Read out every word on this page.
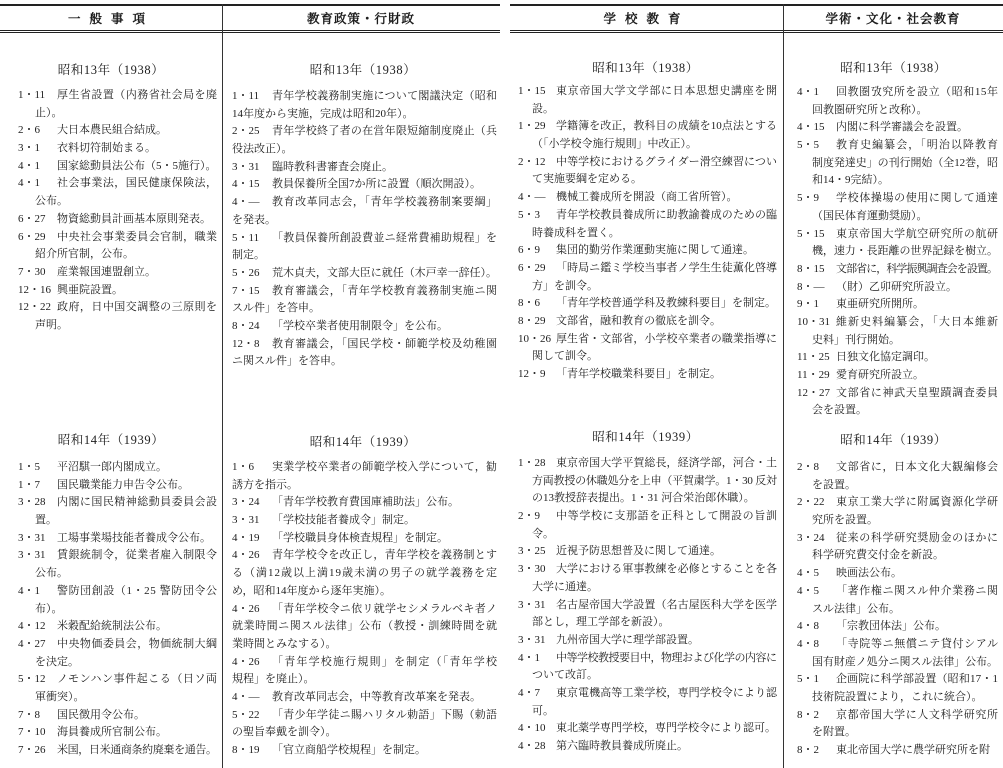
一般事項	教育政策・行財政	学校教育	学術・文化・社会教育
昭和13年（1938）
1・11 厚生省設置（内務省社会局を廃
止）。
2・6 大日本農民組合結成。
3・1 衣料切符制始まる。
4・1 国家総動員法公布（5・5施行）。
4・1 社会事業法，国民健康保険法，
公布。
6・27 物資総動員計画基本原則発表。
6・29 中央社会事業委員会官制，職業
紹介所官制，公布。
7・30 産業報国連盟創立。
12・16 興亜院設置。
12・22 政府，日中国交調整の三原則を
声明。
昭和14年（1939）
1・5 平沼騏一郎内閣成立。
1・7 国民職業能力申告令公布。
3・28 内閣に国民精神総動員委員会設
置。
3・31 工場事業場技能者養成令公布。
3・31 賃銀統制令，従業者雇入制限令
公布。
4・1 警防団創設（1・25 警防団令公
布）。
4・12 米穀配給統制法公布。
4・27 中央物価委員会，物価統制大綱
を決定。
5・12 ノモンハン事件起こる（日ソ両
軍衝突）。
7・8 国民徴用令公布。
7・10 海員養成所官制公布。
7・26 米国，日米通商条約廃棄を通告。
昭和13年（1938）
1・11 青年学校義務制実施について閣議決定（昭和
14年度から実施，完成は昭和20年）。
2・25 青年学校終了者の在営年限短縮制度廃止（兵
役法改正）。
3・31 臨時教科書審査会廃止。
4・15 教員保養所全国7か所に設置（順次開設）。
4・― 教育改革同志会，「青年学校義務制案要綱」
を発表。
5・11 「教員保養所創設費並ニ経常費補助規程」を
制定。
5・26 荒木貞夫，文部大臣に就任（木戸幸一辞任）。
7・15 教育審議会，「青年学校教育義務制実施ニ関
スル件」を答申。
8・24 「学校卒業者使用制限令」を公布。
12・8 教育審議会，「国民学校・師範学校及幼稚園
ニ関スル件」を答申。
昭和14年（1939）
1・6 実業学校卒業者の師範学校入学について，勧
誘方を指示。
3・24 「青年学校教育費国庫補助法」公布。
3・31 「学校技能者養成令」制定。
4・19 「学校職員身体検査規程」を制定。
4・26 青年学校令を改正し，青年学校を義務制とす
る（満12歳以上満19歳未満の男子の就学義務を定
め，昭和14年度から逐年実施）。
4・26 「青年学校令ニ依リ就学セシメラルベキ者ノ
就業時間ニ関スル法律」公布（教授・訓練時間を就
業時間とみなする）。
4・26 「青年学校施行規則」を制定（「青年学校
規程」を廃止）。
4・― 教育改革同志会，中等教育改革案を発表。
5・22 「青少年学徒ニ賜ハリタル勅語」下賜（勅語
の聖旨奉戴を訓令）。
8・19 「官立商船学校規程」を制定。
昭和13年（1938）
1・15 東京帝国大学文学部に日本思想史講座を開
設。
1・29 学籍簿を改正，教科目の成績を10点法とする
（「小学校令施行規則」中改正）。
2・12 中等学校におけるグライダー滑空練習につい
て実施要綱を定める。
4・― 機械工養成所を開設（商工省所管）。
5・3 青年学校教員養成所に助教諭養成のための臨
時養成科を置く。
6・9 集団的勤労作業運動実施に関して通達。
6・29 「時局ニ鑑ミ学校当事者ノ学生生徒薫化啓導
方」を訓令。
8・6 「青年学校普通学科及教練科要目」を制定。
8・29 文部省，融和教育の徹底を訓令。
10・26 厚生省・文部省，小学校卒業者の職業指導に
関して訓令。
12・9 「青年学校職業科要目」を制定。
昭和14年（1939）
1・28 東京帝国大学平賀総長，経済学部，河合・土
方両教授の休職処分を上申（平賀粛学。1・30 反対
の13教授辞表提出。1・31 河合栄治郎休職）。
2・9 中等学校に支那語を正科として開設の旨訓
令。
3・25 近視予防思想普及に関して通達。
3・30 大学における軍事教練を必修とすることを各
大学に通達。
3・31 名古屋帝国大学設置（名古屋医科大学を医学
部とし，理工学部を新設）。
3・31 九州帝国大学に理学部設置。
4・1 中等学校教授要目中，物理および化学の内容に
ついて改訂。
4・7 東京電機高等工業学校，専門学校令により認
可。
4・10 東北薬学専門学校，専門学校令により認可。
4・28 第六臨時教員養成所廃止。
昭和13年（1938）
4・1 回教圏攷究所を設立（昭和15年
回教圏研究所と改称）。
4・15 内閣に科学審議会を設置。
5・5 教育史編纂会，「明治以降教育
制度発達史」の刊行開始（全12巻，昭
和14・9完結）。
5・9 学校体操場の使用に関して通達
（国民体育運動奨励）。
5・15 東京帝国大学航空研究所の航研
機，速力・長距離の世界記録を樹立。
8・15 文部省に，科学振興調査会を設置。
8・― （財）乙卯研究所設立。
9・1 東亜研究所開所。
10・31 維新史料編纂会，「大日本維新
史料」刊行開始。
11・25 日独文化協定調印。
11・29 愛育研究所設立。
12・27 文部省に神武天皇聖蹟調査委員
会を設置。
昭和14年（1939）
2・8 文部省に，日本文化大観編修会
を設置。
2・22 東京工業大学に附属資源化学研
究所を設置。
3・24 従来の科学研究奨励金のほかに
科学研究費交付金を新設。
4・5 映画法公布。
4・5 「著作権ニ関スル仲介業務ニ関
スル法律」公布。
4・8 「宗教団体法」公布。
4・8 「寺院等ニ無償ニテ貸付シアル
国有財産ノ処分ニ関スル法律」公布。
5・1 企画院に科学部設置（昭和17・1
技術院設置により，これに統合）。
8・2 京都帝国大学に人文科学研究所
を附置。
8・2 東北帝国大学に農学研究所を附
